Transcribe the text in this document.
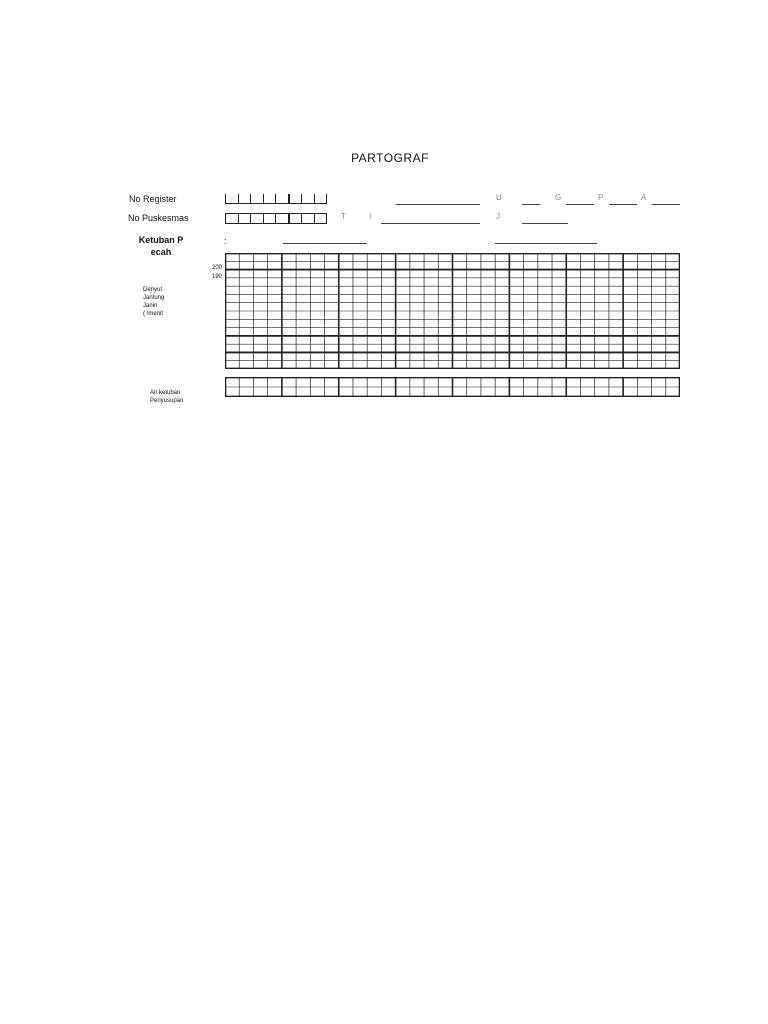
PARTOGRAF
No Register	U	G	P	A
No Puskesmas	T	I	J
Ketuban P
ecah
:
200
190
Denyut
Jantung
Janin
( /menit
Air ketuban
Penyusupan
